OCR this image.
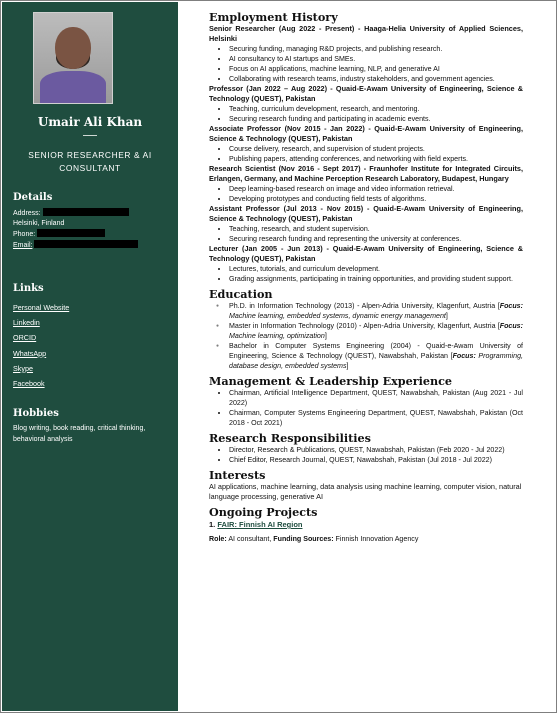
Umair Ali Khan
SENIOR RESEARCHER & AI CONSULTANT
Details
Address:
Helsinki, Finland
Phone:
Email:
Links
Personal Website
Linkedin
ORCID
WhatsApp
Skype
Facebook
Hobbies
Blog writing, book reading, critical thinking, behavioral analysis
Employment History
Senior Researcher (Aug 2022 - Present) - Haaga-Helia University of Applied Sciences, Helsinki
• Securing funding, managing R&D projects, and publishing research.
• AI consultancy to AI startups and SMEs.
• Focus on AI applications, machine learning, NLP, and generative AI
• Collaborating with research teams, industry stakeholders, and government agencies.
Professor (Jan 2022 – Aug 2022) - Quaid-E-Awam University of Engineering, Science & Technology (QUEST), Pakistan
• Teaching, curriculum development, research, and mentoring.
• Securing research funding and participating in academic events.
Associate Professor (Nov 2015 - Jan 2022) - Quaid-E-Awam University of Engineering, Science & Technology (QUEST), Pakistan
• Course delivery, research, and supervision of student projects.
• Publishing papers, attending conferences, and networking with field experts.
Research Scientist (Nov 2016 - Sept 2017) - Fraunhofer Institute for Integrated Circuits, Erlangen, Germany, and Machine Perception Research Laboratory, Budapest, Hungary
• Deep learning-based research on image and video information retrieval.
• Developing prototypes and conducting field tests of algorithms.
Assistant Professor (Jul 2013 - Nov 2015) - Quaid-E-Awam University of Engineering, Science & Technology (QUEST), Pakistan
• Teaching, research, and student supervision.
• Securing research funding and representing the university at conferences.
Lecturer (Jan 2005 - Jun 2013) - Quaid-E-Awam University of Engineering, Science & Technology (QUEST), Pakistan
• Lectures, tutorials, and curriculum development.
• Grading assignments, participating in training opportunities, and providing student support.
Education
● Ph.D. in Information Technology (2013) - Alpen-Adria University, Klagenfurt, Austria [Focus: Machine learning, embedded systems, dynamic energy management]
● Master in Information Technology (2010) - Alpen-Adria University, Klagenfurt, Austria [Focus: Machine learning, optimization]
● Bachelor in Computer Systems Engineering (2004) - Quaid-e-Awam University of Engineering, Science & Technology (QUEST), Nawabshah, Pakistan [Focus: Programming, database design, embedded systems]
Management & Leadership Experience
• Chairman, Artificial Intelligence Department, QUEST, Nawabshah, Pakistan (Aug 2021 - Jul 2022)
• Chairman, Computer Systems Engineering Department, QUEST, Nawabshah, Pakistan (Oct 2018 - Oct 2021)
Research Responsibilities
• Director, Research & Publications, QUEST, Nawabshah, Pakistan (Feb 2020 - Jul 2022)
• Chief Editor, Research Journal, QUEST, Nawabshah, Pakistan (Jul 2018 - Jul 2022)
Interests
AI applications, machine learning, data analysis using machine learning, computer vision, natural language processing, generative AI
Ongoing Projects
1. FAIR: Finnish AI Region
Role: AI consultant, Funding Sources: Finnish Innovation Agency
